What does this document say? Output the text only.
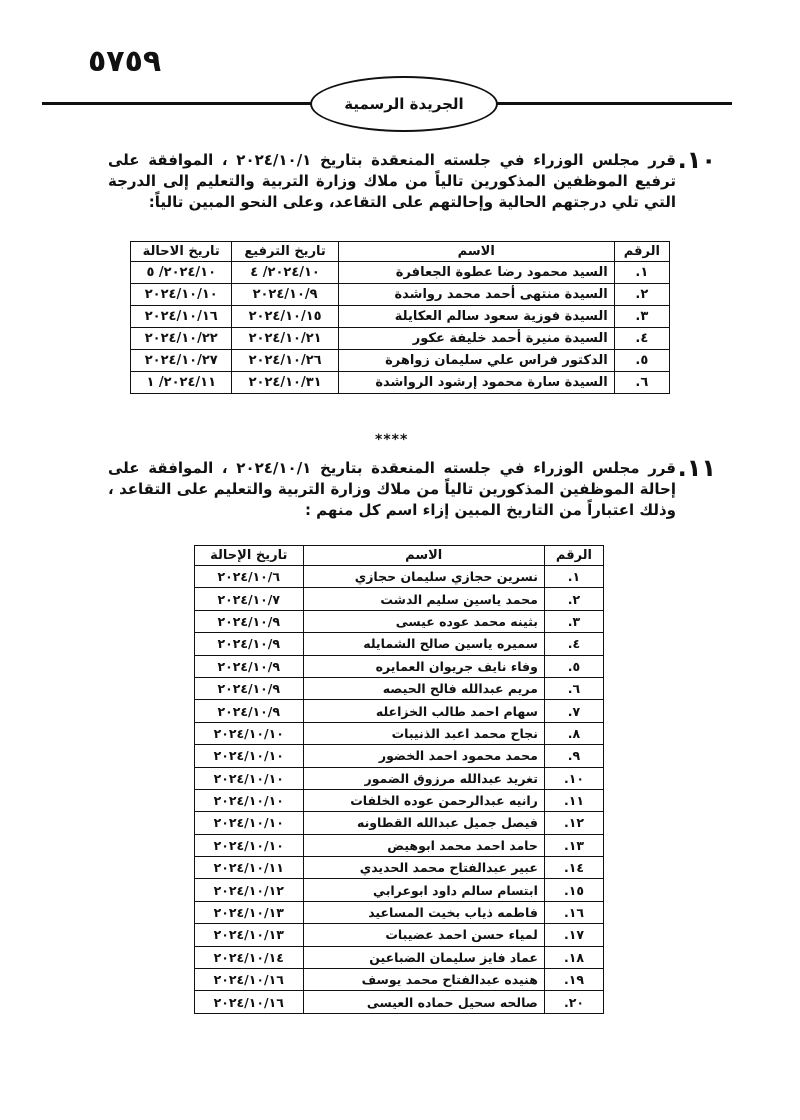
٥٧٥٩
الجريدة الرسمية
١٠.
قرر مجلس الوزراء في جلسته المنعقدة بتاريخ ٢٠٢٤/١٠/١ ، الموافقة على ترفيع الموظفين المذكورين تالياً من ملاك وزارة التربية والتعليم إلى الدرجة التي تلي درجتهم الحالية وإحالتهم على التقاعد، وعلى النحو المبين تالياً:
الرقم	الاسم	تاريخ الترفيع	تاريخ الاحالة
١.	السيد محمود رضا عطوة الجعافرة	٢٠٢٤/١٠/ ٤	٢٠٢٤/١٠/ ٥
٢.	السيدة منتهى أحمد محمد رواشدة	٢٠٢٤/١٠/٩	٢٠٢٤/١٠/١٠
٣.	السيدة فوزية سعود سالم العكايلة	٢٠٢٤/١٠/١٥	٢٠٢٤/١٠/١٦
٤.	السيدة منيرة أحمد خليفة عكور	٢٠٢٤/١٠/٢١	٢٠٢٤/١٠/٢٢
٥.	الدكتور فراس علي سليمان زواهرة	٢٠٢٤/١٠/٢٦	٢٠٢٤/١٠/٢٧
٦.	السيدة سارة محمود إرشود الرواشدة	٢٠٢٤/١٠/٣١	٢٠٢٤/١١/ ١
****
١١.
قرر مجلس الوزراء في جلسته المنعقدة بتاريخ ٢٠٢٤/١٠/١ ، الموافقة على إحالة الموظفين المذكورين تالياً من ملاك وزارة التربية والتعليم على التقاعد ، وذلك اعتباراً من التاريخ المبين إزاء اسم كل منهم :
الرقم	الاسم	تاريخ الإحالة
١.	نسرين حجازي سليمان حجازي	٢٠٢٤/١٠/٦
٢.	محمد ياسين سليم الدشت	٢٠٢٤/١٠/٧
٣.	بثينه محمد عوده عيسى	٢٠٢٤/١٠/٩
٤.	سميره ياسين صالح الشمايله	٢٠٢٤/١٠/٩
٥.	وفاء نايف جريوان العمايره	٢٠٢٤/١٠/٩
٦.	مريم عبدالله فالح الحيصه	٢٠٢٤/١٠/٩
٧.	سهام احمد طالب الخزاعله	٢٠٢٤/١٠/٩
٨.	نجاح محمد اعبد الذنيبات	٢٠٢٤/١٠/١٠
٩.	محمد محمود احمد الخضور	٢٠٢٤/١٠/١٠
١٠.	تغريد عبدالله مرزوق الضمور	٢٠٢٤/١٠/١٠
١١.	رانيه عبدالرحمن عوده الخلفات	٢٠٢٤/١٠/١٠
١٢.	فيصل جميل عبدالله القطاونه	٢٠٢٤/١٠/١٠
١٣.	حامد احمد محمد ابوهيض	٢٠٢٤/١٠/١٠
١٤.	عبير عبدالفتاح محمد الحديدي	٢٠٢٤/١٠/١١
١٥.	ابتسام سالم داود ابوعرابي	٢٠٢٤/١٠/١٢
١٦.	فاطمه ذياب بخيت المساعيد	٢٠٢٤/١٠/١٣
١٧.	لمياء حسن احمد عضيبات	٢٠٢٤/١٠/١٣
١٨.	عماد فايز سليمان الضباعين	٢٠٢٤/١٠/١٤
١٩.	هنيده عبدالفتاح محمد يوسف	٢٠٢٤/١٠/١٦
٢٠.	صالحه سحيل حماده العيسى	٢٠٢٤/١٠/١٦
